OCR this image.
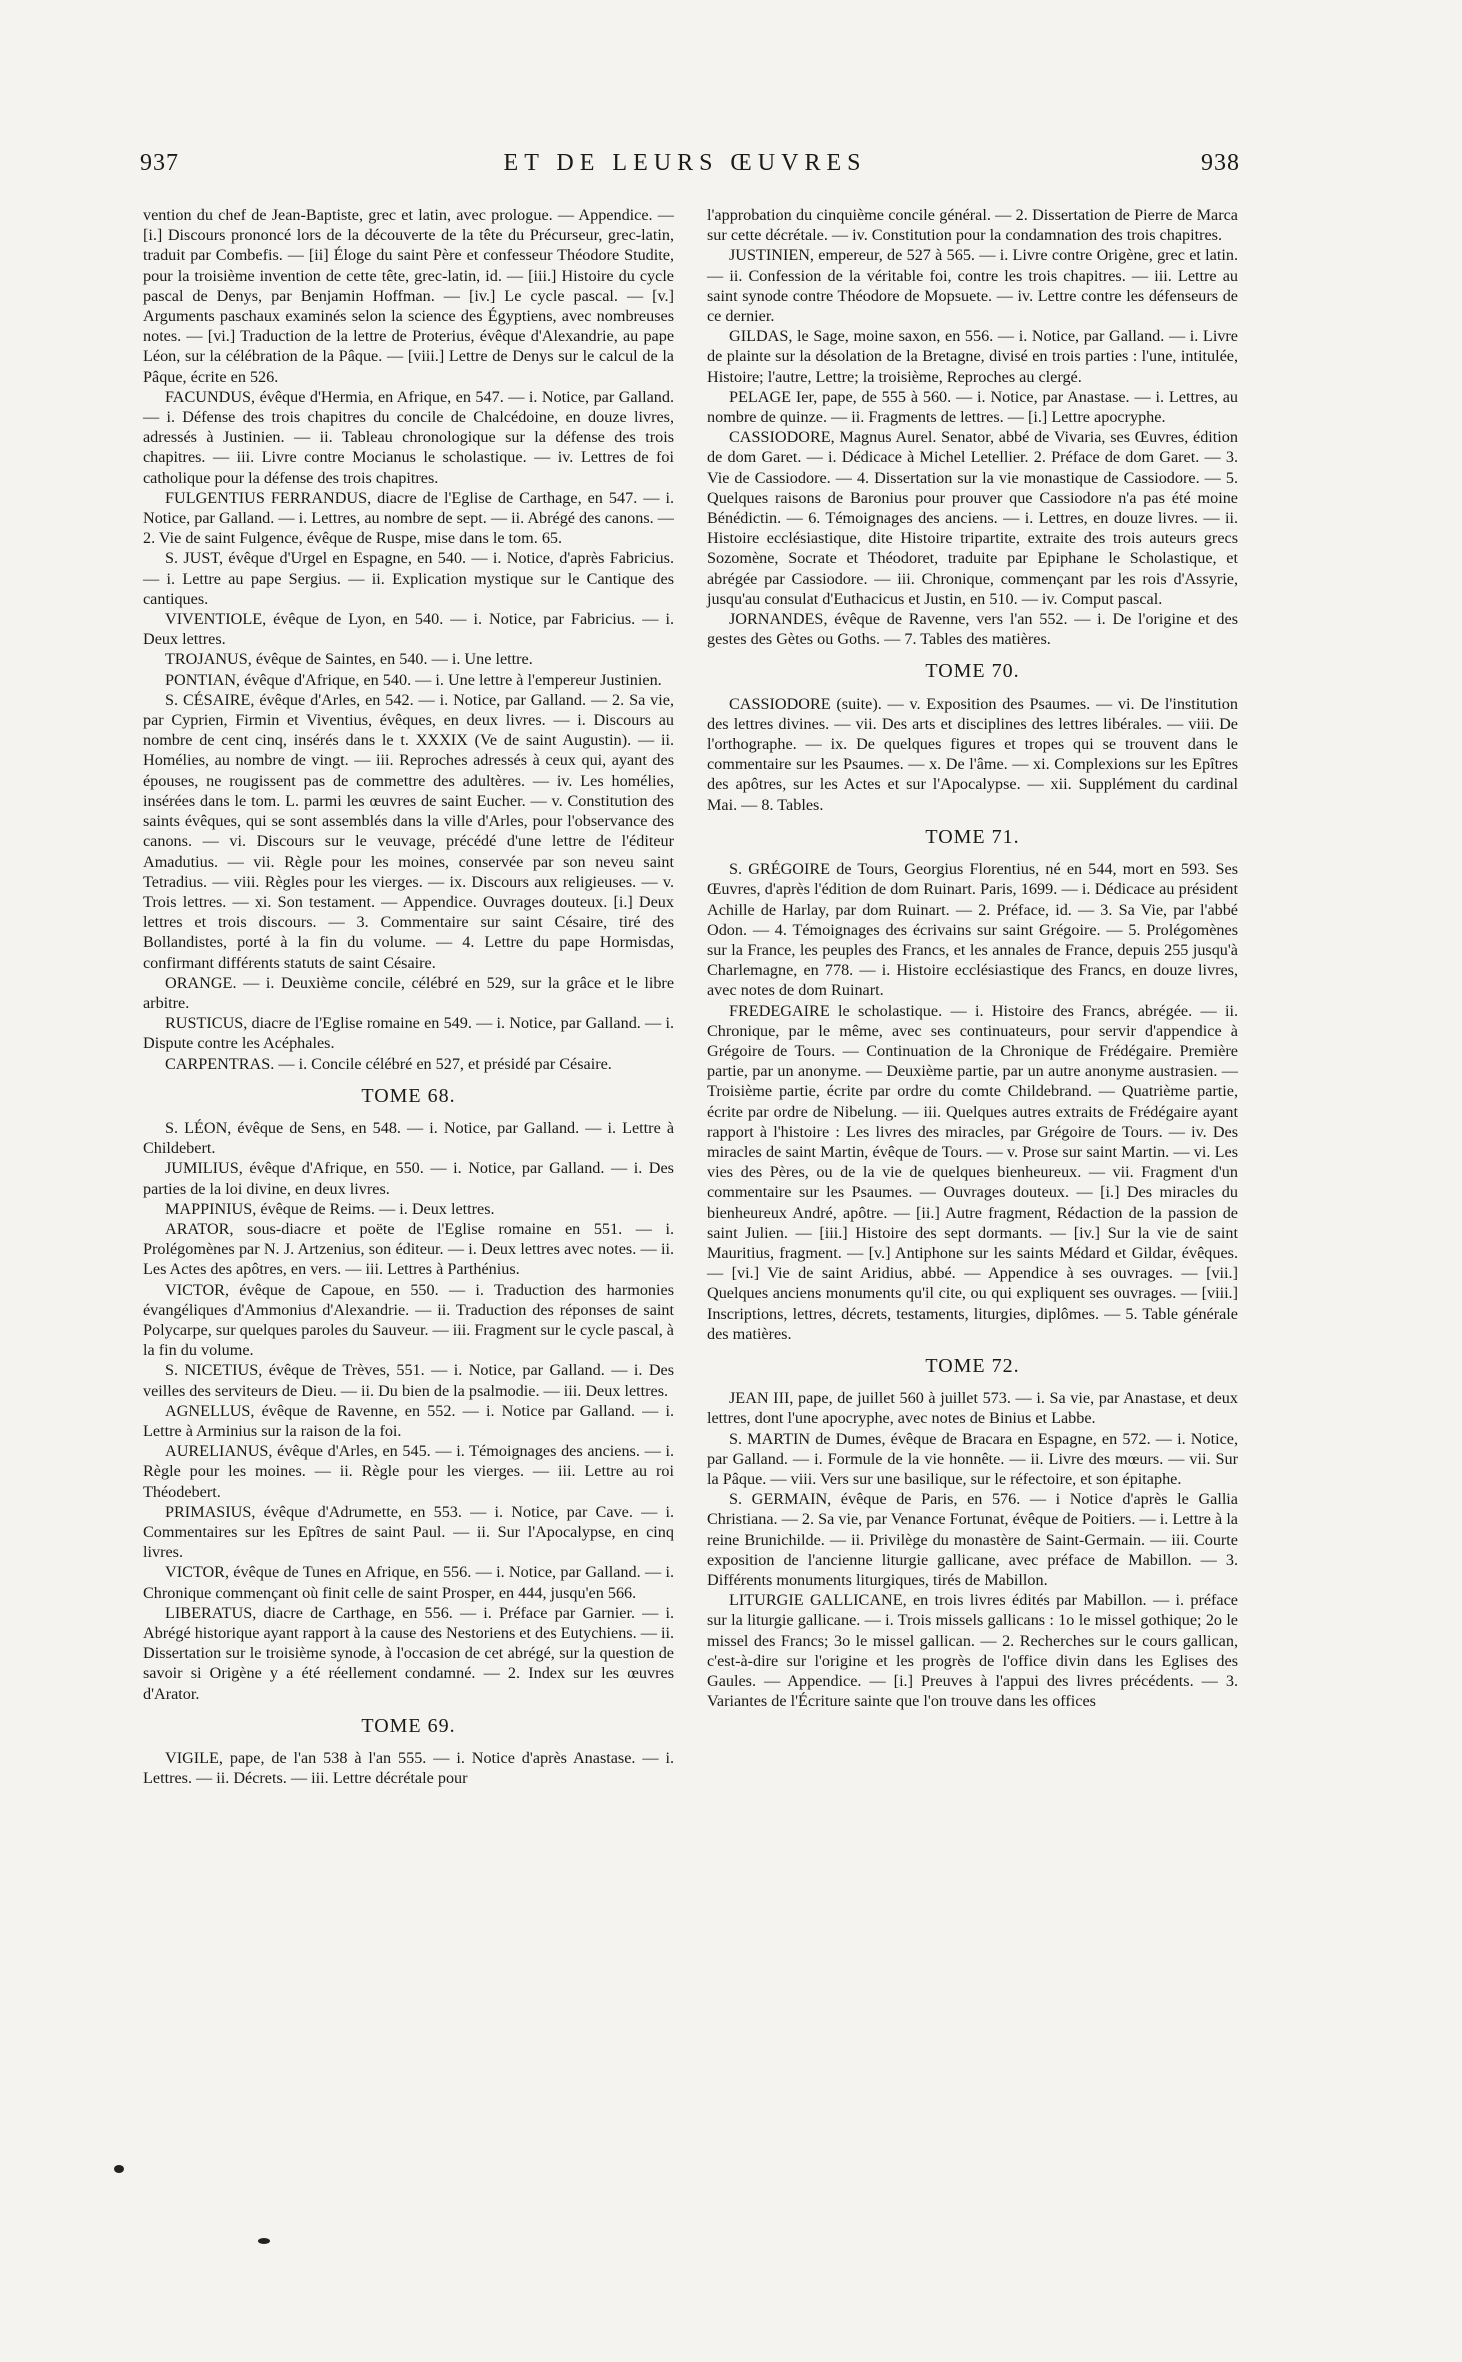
937	ET DE LEURS ŒUVRES	938

vention du chef de Jean-Baptiste, grec et latin, avec prologue. — Appendice. — [i.] Discours prononcé lors de la découverte de la tête du Précurseur, grec-latin, traduit par Combefis. — [ii] Éloge du saint Père et confesseur Théodore Studite, pour la troisième invention de cette tête, grec-latin, id. — [iii.] Histoire du cycle pascal de Denys, par Benjamin Hoffman. — [iv.] Le cycle pascal. — [v.] Arguments paschaux examinés selon la science des Égyptiens, avec nombreuses notes. — [vi.] Traduction de la lettre de Proterius, évêque d'Alexandrie, au pape Léon, sur la célébration de la Pâque. — [viii.] Lettre de Denys sur le calcul de la Pâque, écrite en 526.

FACUNDUS, évêque d'Hermia, en Afrique, en 547. — i. Notice, par Galland. — i. Défense des trois chapitres du concile de Chalcédoine, en douze livres, adressés à Justinien. — ii. Tableau chronologique sur la défense des trois chapitres. — iii. Livre contre Mocianus le scholastique. — iv. Lettres de foi catholique pour la défense des trois chapitres.

FULGENTIUS FERRANDUS, diacre de l'Eglise de Carthage, en 547. — i. Notice, par Galland. — i. Lettres, au nombre de sept. — ii. Abrégé des canons. — 2. Vie de saint Fulgence, évêque de Ruspe, mise dans le tom. 65.

S. JUST, évêque d'Urgel en Espagne, en 540. — i. Notice, d'après Fabricius. — i. Lettre au pape Sergius. — ii. Explication mystique sur le Cantique des cantiques.

VIVENTIOLE, évêque de Lyon, en 540. — i. Notice, par Fabricius. — i. Deux lettres.

TROJANUS, évêque de Saintes, en 540. — i. Une lettre.

PONTIAN, évêque d'Afrique, en 540. — i. Une lettre à l'empereur Justinien.

S. CÉSAIRE, évêque d'Arles, en 542. — i. Notice, par Galland. — 2. Sa vie, par Cyprien, Firmin et Viventius, évêques, en deux livres. — i. Discours au nombre de cent cinq, insérés dans le t. XXXIX (Ve de saint Augustin). — ii. Homélies, au nombre de vingt. — iii. Reproches adressés à ceux qui, ayant des épouses, ne rougissent pas de commettre des adultères. — iv. Les homélies, insérées dans le tom. L. parmi les œuvres de saint Eucher. — v. Constitution des saints évêques, qui se sont assemblés dans la ville d'Arles, pour l'observance des canons. — vi. Discours sur le veuvage, précédé d'une lettre de l'éditeur Amadutius. — vii. Règle pour les moines, conservée par son neveu saint Tetradius. — viii. Règles pour les vierges. — ix. Discours aux religieuses. — v. Trois lettres. — xi. Son testament. — Appendice. Ouvrages douteux. [i.] Deux lettres et trois discours. — 3. Commentaire sur saint Césaire, tiré des Bollandistes, porté à la fin du volume. — 4. Lettre du pape Hormisdas, confirmant différents statuts de saint Césaire.

ORANGE. — i. Deuxième concile, célébré en 529, sur la grâce et le libre arbitre.

RUSTICUS, diacre de l'Eglise romaine en 549. — i. Notice, par Galland. — i. Dispute contre les Acéphales.

CARPENTRAS. — i. Concile célébré en 527, et présidé par Césaire.

TOME 68.

S. LÉON, évêque de Sens, en 548. — i. Notice, par Galland. — i. Lettre à Childebert.

JUMILIUS, évêque d'Afrique, en 550. — i. Notice, par Galland. — i. Des parties de la loi divine, en deux livres.

MAPPINIUS, évêque de Reims. — i. Deux lettres.

ARATOR, sous-diacre et poëte de l'Eglise romaine en 551. — i. Prolégomènes par N. J. Artzenius, son éditeur. — i. Deux lettres avec notes. — ii. Les Actes des apôtres, en vers. — iii. Lettres à Parthénius.

VICTOR, évêque de Capoue, en 550. — i. Traduction des harmonies évangéliques d'Ammonius d'Alexandrie. — ii. Traduction des réponses de saint Polycarpe, sur quelques paroles du Sauveur. — iii. Fragment sur le cycle pascal, à la fin du volume.

S. NICETIUS, évêque de Trèves, 551. — i. Notice, par Galland. — i. Des veilles des serviteurs de Dieu. — ii. Du bien de la psalmodie. — iii. Deux lettres.

AGNELLUS, évêque de Ravenne, en 552. — i. Notice par Galland. — i. Lettre à Arminius sur la raison de la foi.

AURELIANUS, évêque d'Arles, en 545. — i. Témoignages des anciens. — i. Règle pour les moines. — ii. Règle pour les vierges. — iii. Lettre au roi Théodebert.

PRIMASIUS, évêque d'Adrumette, en 553. — i. Notice, par Cave. — i. Commentaires sur les Epîtres de saint Paul. — ii. Sur l'Apocalypse, en cinq livres.

VICTOR, évêque de Tunes en Afrique, en 556. — i. Notice, par Galland. — i. Chronique commençant où finit celle de saint Prosper, en 444, jusqu'en 566.

LIBERATUS, diacre de Carthage, en 556. — i. Préface par Garnier. — i. Abrégé historique ayant rapport à la cause des Nestoriens et des Eutychiens. — ii. Dissertation sur le troisième synode, à l'occasion de cet abrégé, sur la question de savoir si Origène y a été réellement condamné. — 2. Index sur les œuvres d'Arator.

TOME 69.

VIGILE, pape, de l'an 538 à l'an 555. — i. Notice d'après Anastase. — i. Lettres. — ii. Décrets. — iii. Lettre décrétale pour

l'approbation du cinquième concile général. — 2. Dissertation de Pierre de Marca sur cette décrétale. — iv. Constitution pour la condamnation des trois chapitres.

JUSTINIEN, empereur, de 527 à 565. — i. Livre contre Origène, grec et latin. — ii. Confession de la véritable foi, contre les trois chapitres. — iii. Lettre au saint synode contre Théodore de Mopsuete. — iv. Lettre contre les défenseurs de ce dernier.

GILDAS, le Sage, moine saxon, en 556. — i. Notice, par Galland. — i. Livre de plainte sur la désolation de la Bretagne, divisé en trois parties : l'une, intitulée, Histoire; l'autre, Lettre; la troisième, Reproches au clergé.

PELAGE Ier, pape, de 555 à 560. — i. Notice, par Anastase. — i. Lettres, au nombre de quinze. — ii. Fragments de lettres. — [i.] Lettre apocryphe.

CASSIODORE, Magnus Aurel. Senator, abbé de Vivaria, ses Œuvres, édition de dom Garet. — i. Dédicace à Michel Letellier. 2. Préface de dom Garet. — 3. Vie de Cassiodore. — 4. Dissertation sur la vie monastique de Cassiodore. — 5. Quelques raisons de Baronius pour prouver que Cassiodore n'a pas été moine Bénédictin. — 6. Témoignages des anciens. — i. Lettres, en douze livres. — ii. Histoire ecclésiastique, dite Histoire tripartite, extraite des trois auteurs grecs Sozomène, Socrate et Théodoret, traduite par Epiphane le Scholastique, et abrégée par Cassiodore. — iii. Chronique, commençant par les rois d'Assyrie, jusqu'au consulat d'Euthacicus et Justin, en 510. — iv. Comput pascal.

JORNANDES, évêque de Ravenne, vers l'an 552. — i. De l'origine et des gestes des Gètes ou Goths. — 7. Tables des matières.

TOME 70.

CASSIODORE (suite). — v. Exposition des Psaumes. — vi. De l'institution des lettres divines. — vii. Des arts et disciplines des lettres libérales. — viii. De l'orthographe. — ix. De quelques figures et tropes qui se trouvent dans le commentaire sur les Psaumes. — x. De l'âme. — xi. Complexions sur les Epîtres des apôtres, sur les Actes et sur l'Apocalypse. — xii. Supplément du cardinal Mai. — 8. Tables.

TOME 71.

S. GRÉGOIRE de Tours, Georgius Florentius, né en 544, mort en 593. Ses Œuvres, d'après l'édition de dom Ruinart. Paris, 1699. — i. Dédicace au président Achille de Harlay, par dom Ruinart. — 2. Préface, id. — 3. Sa Vie, par l'abbé Odon. — 4. Témoignages des écrivains sur saint Grégoire. — 5. Prolégomènes sur la France, les peuples des Francs, et les annales de France, depuis 255 jusqu'à Charlemagne, en 778. — i. Histoire ecclésiastique des Francs, en douze livres, avec notes de dom Ruinart.

FREDEGAIRE le scholastique. — i. Histoire des Francs, abrégée. — ii. Chronique, par le même, avec ses continuateurs, pour servir d'appendice à Grégoire de Tours. — Continuation de la Chronique de Frédégaire. Première partie, par un anonyme. — Deuxième partie, par un autre anonyme austrasien. — Troisième partie, écrite par ordre du comte Childebrand. — Quatrième partie, écrite par ordre de Nibelung. — iii. Quelques autres extraits de Frédégaire ayant rapport à l'histoire : Les livres des miracles, par Grégoire de Tours. — iv. Des miracles de saint Martin, évêque de Tours. — v. Prose sur saint Martin. — vi. Les vies des Pères, ou de la vie de quelques bienheureux. — vii. Fragment d'un commentaire sur les Psaumes. — Ouvrages douteux. — [i.] Des miracles du bienheureux André, apôtre. — [ii.] Autre fragment, Rédaction de la passion de saint Julien. — [iii.] Histoire des sept dormants. — [iv.] Sur la vie de saint Mauritius, fragment. — [v.] Antiphone sur les saints Médard et Gildar, évêques. — [vi.] Vie de saint Aridius, abbé. — Appendice à ses ouvrages. — [vii.] Quelques anciens monuments qu'il cite, ou qui expliquent ses ouvrages. — [viii.] Inscriptions, lettres, décrets, testaments, liturgies, diplômes. — 5. Table générale des matières.

TOME 72.

JEAN III, pape, de juillet 560 à juillet 573. — i. Sa vie, par Anastase, et deux lettres, dont l'une apocryphe, avec notes de Binius et Labbe.

S. MARTIN de Dumes, évêque de Bracara en Espagne, en 572. — i. Notice, par Galland. — i. Formule de la vie honnête. — ii. Livre des mœurs. — vii. Sur la Pâque. — viii. Vers sur une basilique, sur le réfectoire, et son épitaphe.

S. GERMAIN, évêque de Paris, en 576. — i Notice d'après le Gallia Christiana. — 2. Sa vie, par Venance Fortunat, évêque de Poitiers. — i. Lettre à la reine Brunichilde. — ii. Privilège du monastère de Saint-Germain. — iii. Courte exposition de l'ancienne liturgie gallicane, avec préface de Mabillon. — 3. Différents monuments liturgiques, tirés de Mabillon.

LITURGIE GALLICANE, en trois livres édités par Mabillon. — i. préface sur la liturgie gallicane. — i. Trois missels gallicans : 1o le missel gothique; 2o le missel des Francs; 3o le missel gallican. — 2. Recherches sur le cours gallican, c'est-à-dire sur l'origine et les progrès de l'office divin dans les Eglises des Gaules. — Appendice. — [i.] Preuves à l'appui des livres précédents. — 3. Variantes de l'Écriture sainte que l'on trouve dans les offices
